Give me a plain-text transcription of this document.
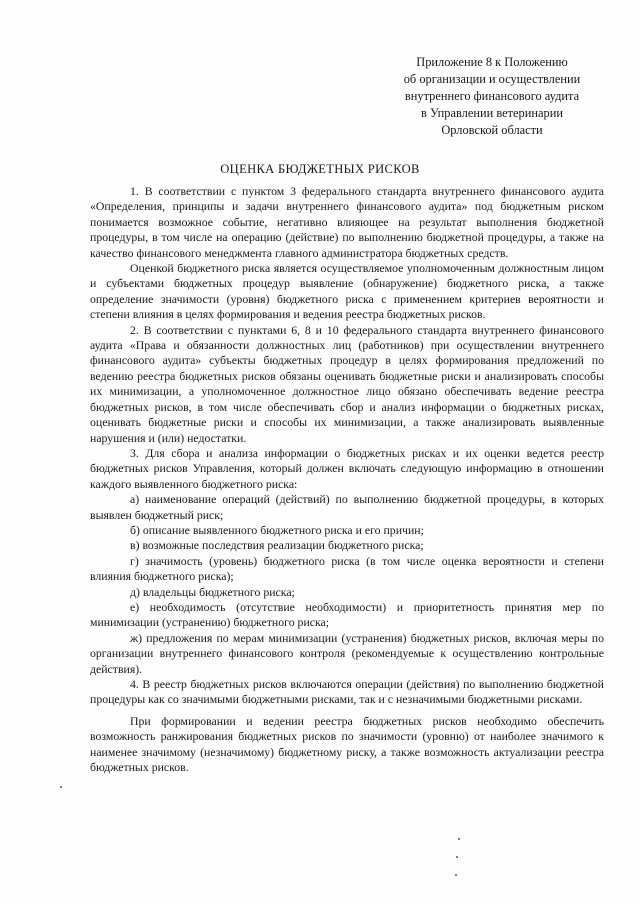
Приложение 8 к Положению
об организации и осуществлении
внутреннего финансового аудита
в Управлении ветеринарии
Орловской области
ОЦЕНКА БЮДЖЕТНЫХ РИСКОВ

1. В соответствии с пунктом 3 федерального стандарта внутреннего финансового аудита «Определения, принципы и задачи внутреннего финансового аудита» под бюджетным риском понимается возможное событие, негативно влияющее на результат выполнения бюджетной процедуры, в том числе на операцию (действие) по выполнению бюджетной процедуры, а также на качество финансового менеджмента главного администратора бюджетных средств.

Оценкой бюджетного риска является осуществляемое уполномоченным должностным лицом и субъектами бюджетных процедур выявление (обнаружение) бюджетного риска, а также определение значимости (уровня) бюджетного риска с применением критериев вероятности и степени влияния в целях формирования и ведения реестра бюджетных рисков.

2. В соответствии с пунктами 6, 8 и 10 федерального стандарта внутреннего финансового аудита «Права и обязанности должностных лиц (работников) при осуществлении внутреннего финансового аудита» субъекты бюджетных процедур в целях формирования предложений по ведению реестра бюджетных рисков обязаны оценивать бюджетные риски и анализировать способы их минимизации, а уполномоченное должностное лицо обязано обеспечивать ведение реестра бюджетных рисков, в том числе обеспечивать сбор и анализ информации о бюджетных рисках, оценивать бюджетные риски и способы их минимизации, а также анализировать выявленные нарушения и (или) недостатки.

3. Для сбора и анализа информации о бюджетных рисках и их оценки ведется реестр бюджетных рисков Управления, который должен включать следующую информацию в отношении каждого выявленного бюджетного риска:

а) наименование операций (действий) по выполнению бюджетной процедуры, в которых выявлен бюджетный риск;

б) описание выявленного бюджетного риска и его причин;

в) возможные последствия реализации бюджетного риска;

г) значимость (уровень) бюджетного риска (в том числе оценка вероятности и степени влияния бюджетного риска);

д) владельцы бюджетного риска;

е) необходимость (отсутствие необходимости) и приоритетность принятия мер по минимизации (устранению) бюджетного риска;

ж) предложения по мерам минимизации (устранения) бюджетных рисков, включая меры по организации внутреннего финансового контроля (рекомендуемые к осуществлению контрольные действия).

4. В реестр бюджетных рисков включаются операции (действия) по выполнению бюджетной процедуры как со значимыми бюджетными рисками, так и с незначимыми бюджетными рисками.

При формировании и ведении реестра бюджетных рисков необходимо обеспечить возможность ранжирования бюджетных рисков по значимости (уровню) от наиболее значимого к наименее значимому (незначимому) бюджетному риску, а также возможность актуализации реестра бюджетных рисков.
